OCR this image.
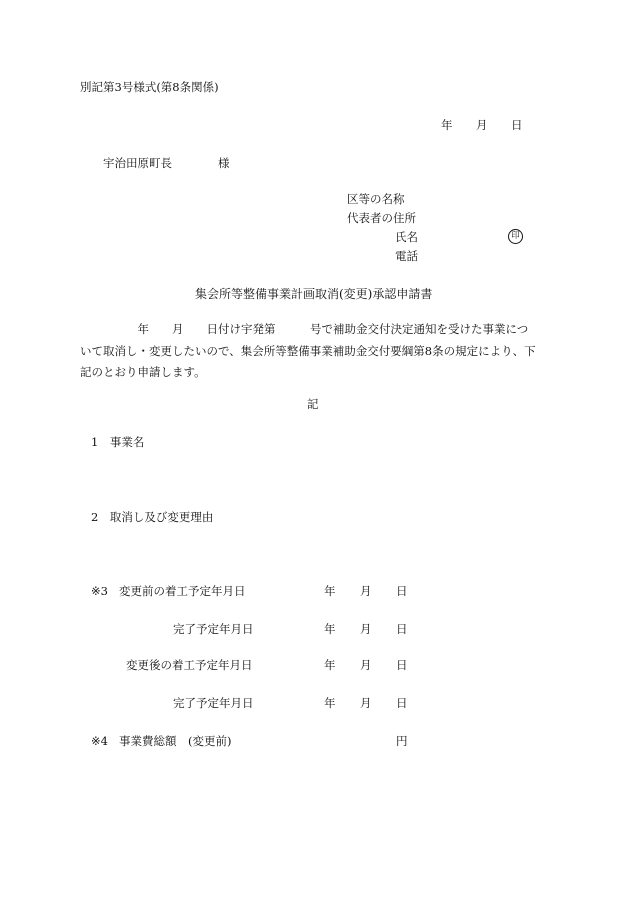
別記第3号様式(第8条関係)
年 月 日
宇治田原町長	様
区等の名称
代表者の住所
氏名	印
電話
集会所等整備事業計画取消(変更)承認申請書
　　　　　年　　月　　日付け宇発第　　　号で補助金交付決定通知を受けた事業につ
いて取消し・変更したいので、集会所等整備事業補助金交付要綱第8条の規定により、下
記のとおり申請します。
記
1　事業名
2　取消し及び変更理由
※3 変更前の着工予定年月日	年 月 日
完了予定年月日	年 月 日
変更後の着工予定年月日	年 月 日
完了予定年月日	年 月 日
※4 事業費総額　(変更前)	円
